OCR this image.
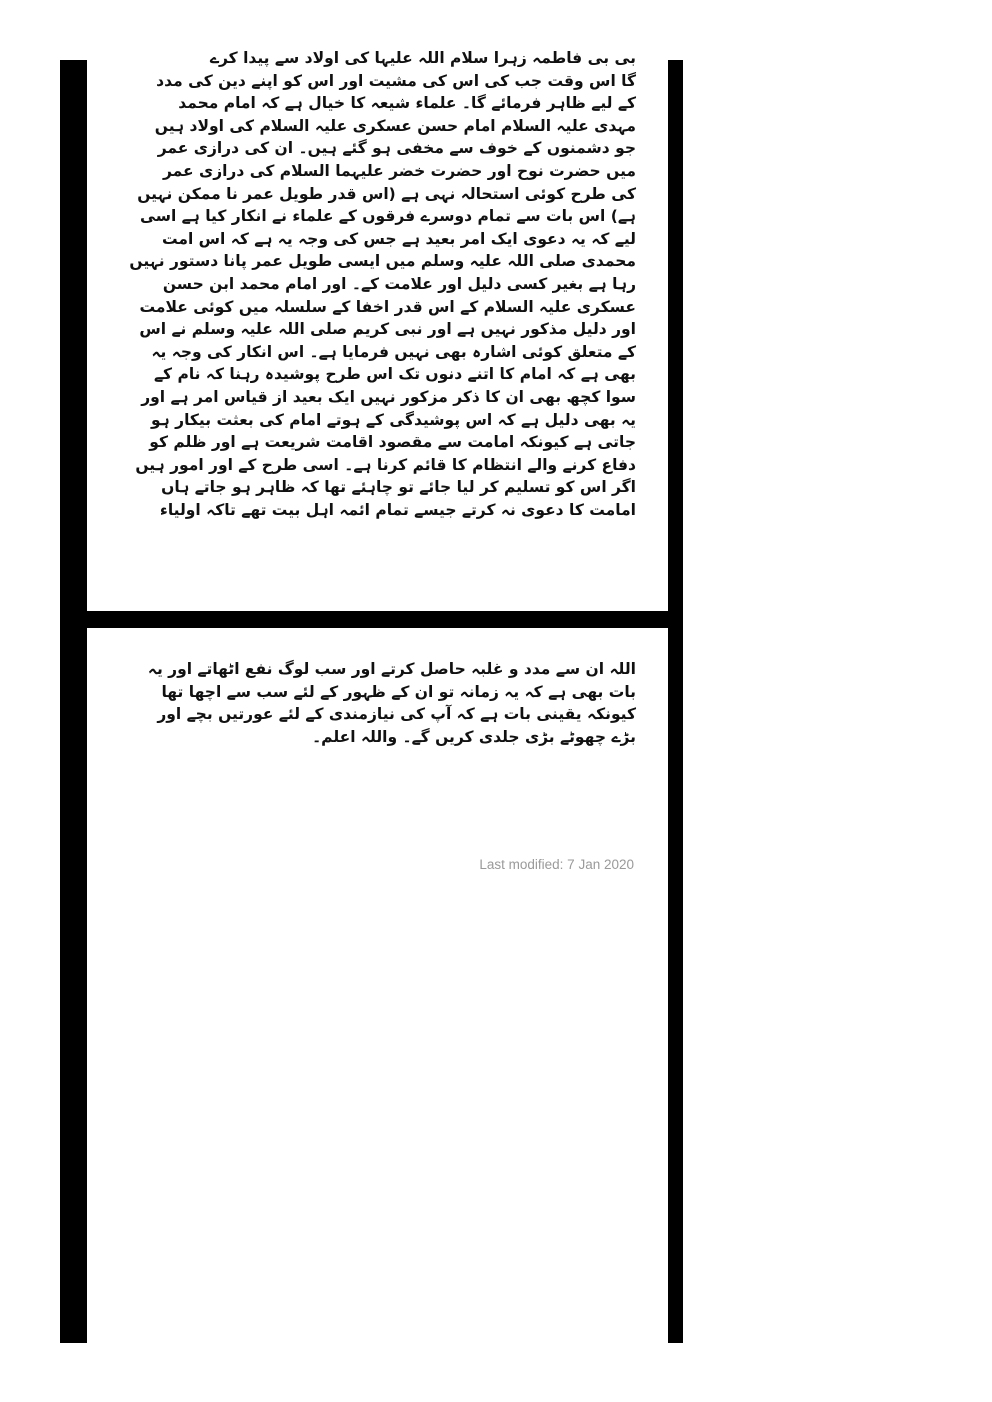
بی بی فاطمہ زہرا سلام اللہ علیہا کی اولاد سے پیدا کرے
گا اس وقت جب کی اس کی مشیت اور اس کو اپنے دین کی مدد
کے لیے ظاہر فرمائے گا۔ علماء شیعہ کا خیال ہے کہ امام محمد
مہدی علیہ السلام امام حسن عسکری علیہ السلام کی اولاد ہیں
جو دشمنوں کے خوف سے مخفی ہو گئے ہیں۔ ان کی درازی عمر
میں حضرت نوح اور حضرت خضر علیہما السلام کی درازی عمر
کی طرح کوئی استحالہ نہی ہے (اس قدر طویل عمر نا ممکن نہیں
ہے) اس بات سے تمام دوسرے فرقوں کے علماء نے انکار کیا ہے اسی
لیے کہ یہ دعوی ایک امر بعید ہے جس کی وجہ یہ ہے کہ اس امت
محمدی صلی اللہ علیہ وسلم میں ایسی طویل عمر پانا دستور نہیں
رہا ہے بغیر کسی دلیل اور علامت کے۔ اور امام محمد ابن حسن
عسکری علیہ السلام کے اس قدر اخفا کے سلسلہ میں کوئی علامت
اور دلیل مذکور نہیں ہے اور نبی کریم صلی اللہ علیہ وسلم نے اس
کے متعلق کوئی اشارہ بھی نہیں فرمایا ہے۔ اس انکار کی وجہ یہ
بھی ہے کہ امام کا اتنے دنوں تک اس طرح پوشیدہ رہنا کہ نام کے
سوا کچھ بھی ان کا ذکر مزکور نہیں ایک بعید از قیاس امر ہے اور
یہ بھی دلیل ہے کہ اس پوشیدگی کے ہوتے امام کی بعثت بیکار ہو
جاتی ہے کیونکہ امامت سے مقصود اقامت شریعت ہے اور ظلم کو
دفاع کرنے والے انتظام کا قائم کرنا ہے۔ اسی طرح کے اور امور ہیں
اگر اس کو تسلیم کر لیا جائے تو چاہئے تھا کہ ظاہر ہو جاتے ہاں
امامت کا دعوی نہ کرتے جیسے تمام ائمہ اہل بیت تھے تاکہ اولیاء
اللہ ان سے مدد و غلبہ حاصل کرتے اور سب لوگ نفع اٹھاتے اور یہ
بات بھی ہے کہ یہ زمانہ تو ان کے ظہور کے لئے سب سے اچھا تھا
کیونکہ یقینی بات ہے کہ آپ کی نیازمندی کے لئے عورتیں بچے اور
بڑے چھوٹے بڑی جلدی کریں گے۔ واللہ اعلم۔
Last modified: 7 Jan 2020
